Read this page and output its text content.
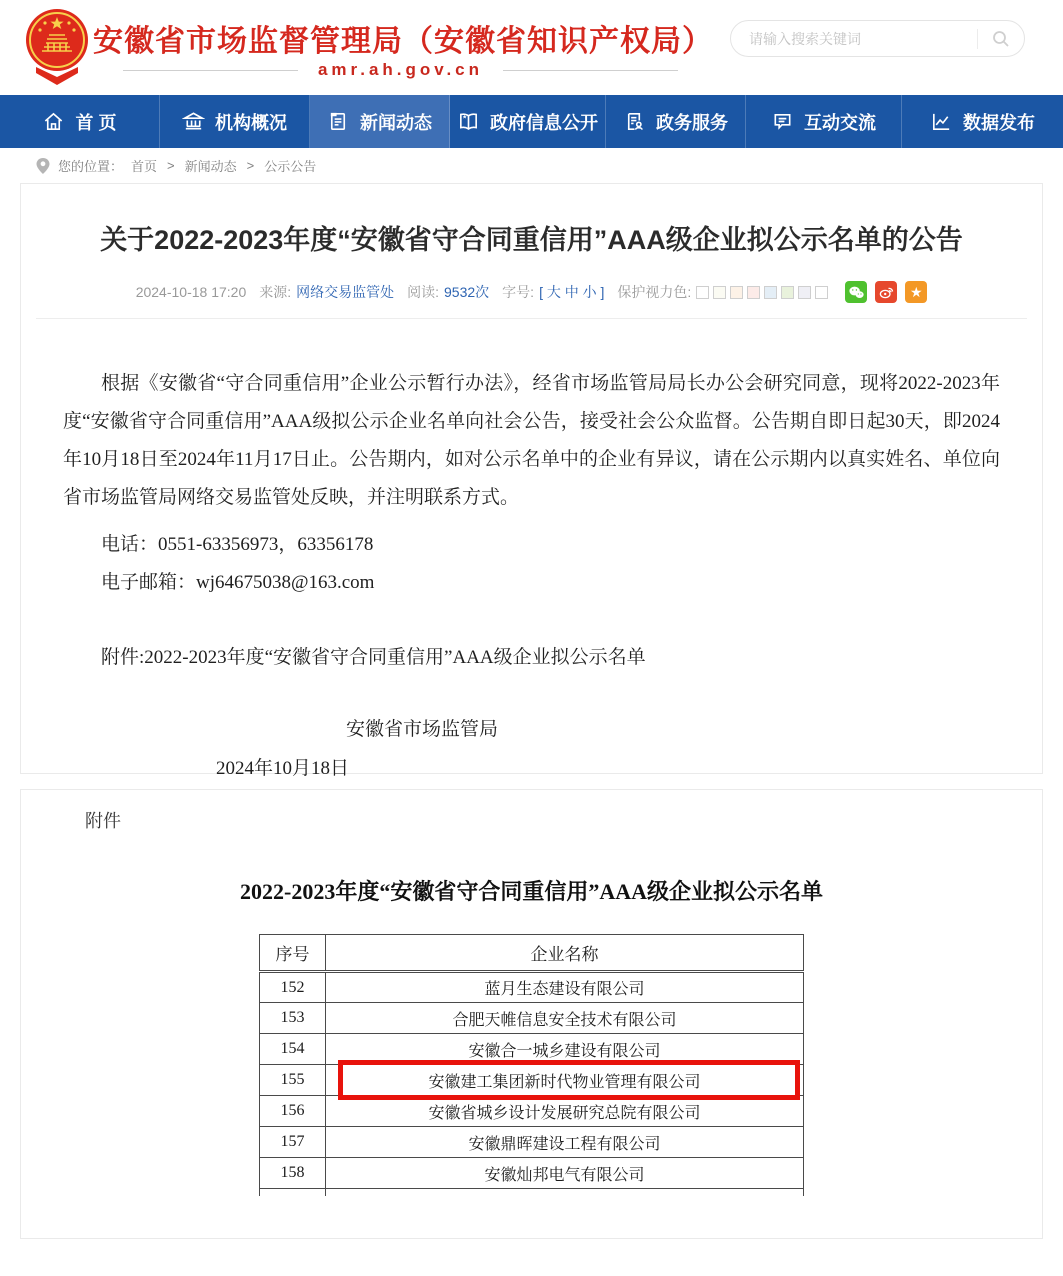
安徽省市场监督管理局（安徽省知识产权局）
amr.ah.gov.cn
请输入搜索关键词
首 页	机构概况	新闻动态	政府信息公开	政务服务	互动交流	数据发布
您的位置： 首页 > 新闻动态 > 公示公告
关于2022-2023年度“安徽省守合同重信用”AAA级企业拟公示名单的公告
2024-10-18 17:20 来源: 网络交易监管处 阅读: 9532次 字号: [ 大 中 小 ] 保护视力色:	★

根据《安徽省“守合同重信用”企业公示暂行办法》，经省市场监管局局长办公会研究同意，现将2022-2023年度“安徽省守合同重信用”AAA级拟公示企业名单向社会公告，接受社会公众监督。公告期自即日起30天，即2024年10月18日至2024年11月17日止。公告期内，如对公示名单中的企业有异议，请在公示期内以真实姓名、单位向省市场监管局网络交易监管处反映，并注明联系方式。

电话：0551-63356973，63356178

电子邮箱：wj64675038@163.com

附件:2022-2023年度“安徽省守合同重信用”AAA级企业拟公示名单

安徽省市场监管局

2024年10月18日

附件
2022-2023年度“安徽省守合同重信用”AAA级企业拟公示名单
序号	企业名称
152	蓝月生态建设有限公司
153	合肥天帷信息安全技术有限公司
154	安徽合一城乡建设有限公司
155	安徽建工集团新时代物业管理有限公司

156	安徽省城乡设计发展研究总院有限公司
157	安徽鼎晖建设工程有限公司
158	安徽灿邦电气有限公司
